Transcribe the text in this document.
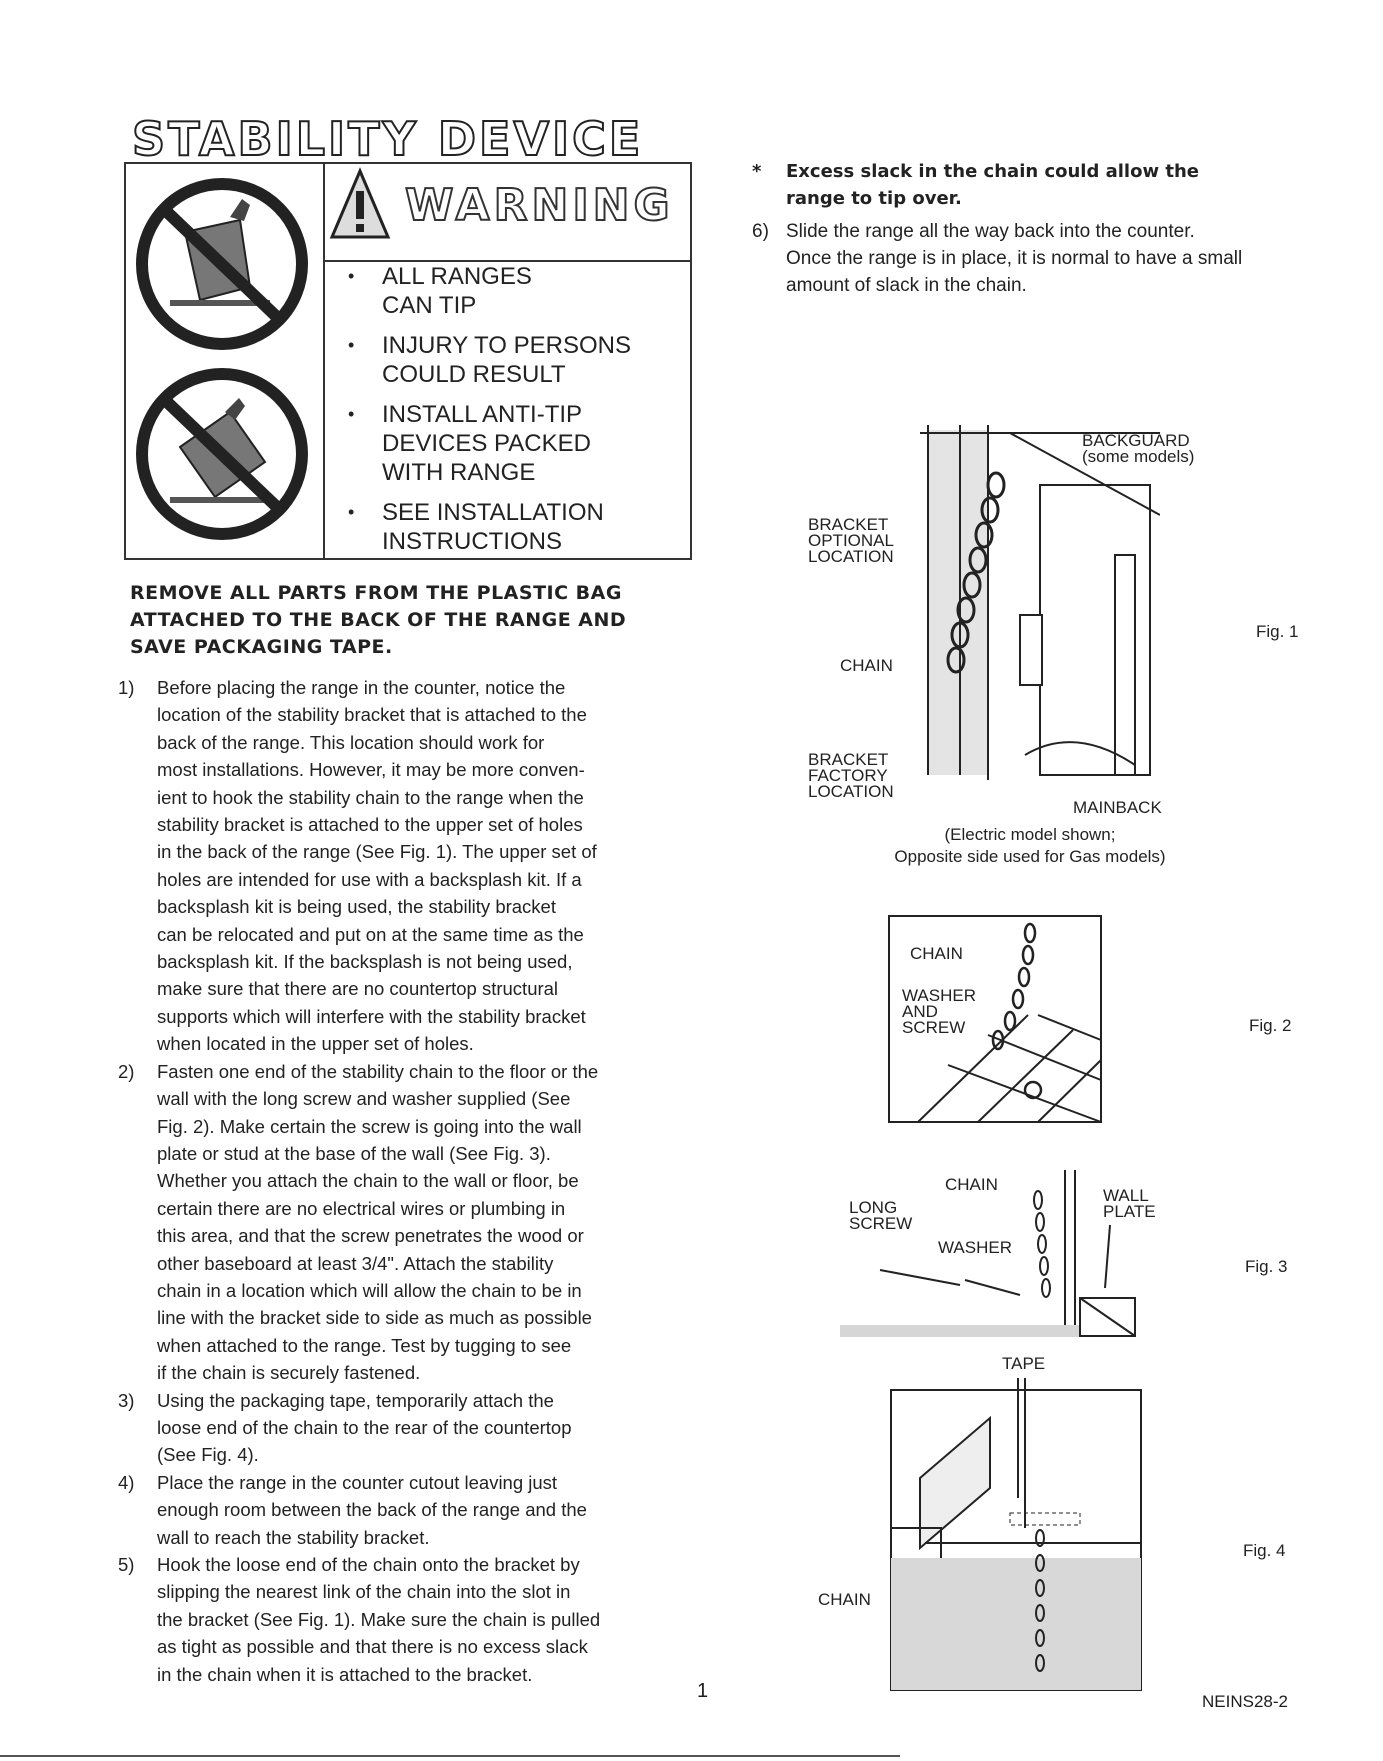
STABILITY DEVICE
WARNING
• ALL RANGES
CAN TIP
• INJURY TO PERSONS
COULD RESULT
• INSTALL ANTI-TIP
DEVICES PACKED
WITH RANGE
• SEE INSTALLATION
INSTRUCTIONS
REMOVE ALL PARTS FROM THE PLASTIC BAG
ATTACHED TO THE BACK OF THE RANGE AND
SAVE PACKAGING TAPE.
1) Before placing the range in the counter, notice the
location of the stability bracket that is attached to the
back of the range. This location should work for
most installations. However, it may be more conven-
ient to hook the stability chain to the range when the
stability bracket is attached to the upper set of holes
in the back of the range (See Fig. 1). The upper set of
holes are intended for use with a backsplash kit. If a
backsplash kit is being used, the stability bracket
can be relocated and put on at the same time as the
backsplash kit. If the backsplash is not being used,
make sure that there are no countertop structural
supports which will interfere with the stability bracket
when located in the upper set of holes.
2) Fasten one end of the stability chain to the floor or the
wall with the long screw and washer supplied (See
Fig. 2). Make certain the screw is going into the wall
plate or stud at the base of the wall (See Fig. 3).
Whether you attach the chain to the wall or floor, be
certain there are no electrical wires or plumbing in
this area, and that the screw penetrates the wood or
other baseboard at least 3/4". Attach the stability
chain in a location which will allow the chain to be in
line with the bracket side to side as much as possible
when attached to the range. Test by tugging to see
if the chain is securely fastened.
3) Using the packaging tape, temporarily attach the
loose end of the chain to the rear of the countertop
(See Fig. 4).
4) Place the range in the counter cutout leaving just
enough room between the back of the range and the
wall to reach the stability bracket.
5) Hook the loose end of the chain onto the bracket by
slipping the nearest link of the chain into the slot in
the bracket (See Fig. 1). Make sure the chain is pulled
as tight as possible and that there is no excess slack
in the chain when it is attached to the bracket.
* Excess slack in the chain could allow the
range to tip over.
6) Slide the range all the way back into the counter.
Once the range is in place, it is normal to have a small
amount of slack in the chain.
BACKGUARD
(some models)
BRACKET
OPTIONAL
LOCATION
CHAIN
BRACKET
FACTORY
LOCATION
MAINBACK
(Electric model shown;
Opposite side used for Gas models)
Fig. 1
CHAIN
WASHER
AND
SCREW	Fig. 2
CHAIN
LONG
SCREW
WASHER
WALL
PLATE
Fig. 3
TAPE
CHAIN
Fig. 4
1	NEINS28-2
